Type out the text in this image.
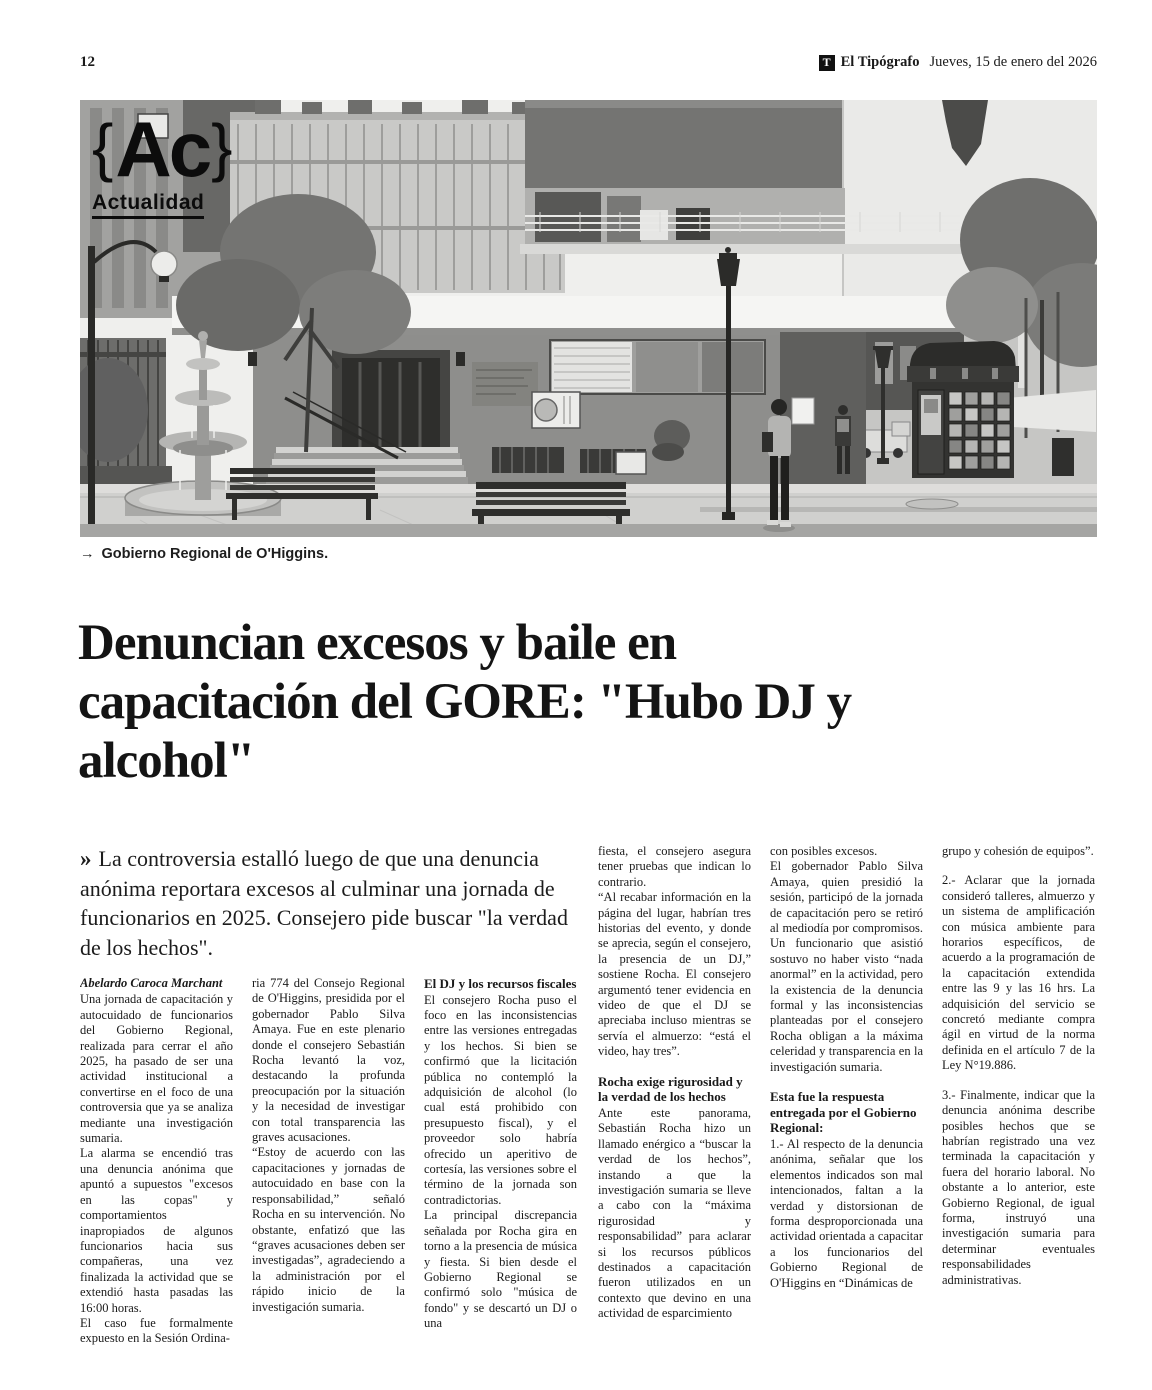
12	T El Tipógrafo Jueves, 15 de enero del 2026
{ Ac }
Actualidad
→ Gobierno Regional de O'Higgins.
Denuncian excesos y baile en
capacitación del GORE: "Hubo DJ y
alcohol"
» La controversia estalló luego de que una denuncia anónima reportara excesos al culminar una jornada de funcionarios en 2025. Consejero pide buscar "la verdad de los hechos".
Abelardo Caroca Marchant
Una jornada de capacitación y autocuidado de funcionarios del Gobierno Regional, realizada para cerrar el año 2025, ha pasado de ser una actividad institucional a convertirse en el foco de una controversia que ya se analiza mediante una investigación sumaria.
La alarma se encendió tras una denuncia anónima que apuntó a supuestos "excesos en las copas" y comportamientos inapropiados de algunos funcionarios hacia sus compañeras, una vez finalizada la actividad que se extendió hasta pasadas las 16:00 horas.
El caso fue formalmente expuesto en la Sesión Ordina-
ria 774 del Consejo Regional de O'Higgins, presidida por el gobernador Pablo Silva Amaya. Fue en este plenario donde el consejero Sebastián Rocha levantó la voz, destacando la profunda preocupación por la situación y la necesidad de investigar con total transparencia las graves acusaciones.
“Estoy de acuerdo con las capacitaciones y jornadas de autocuidado en base con la responsabilidad,” señaló Rocha en su intervención. No obstante, enfatizó que las “graves acusaciones deben ser investigadas”, agradeciendo a la administración por el rápido inicio de la investigación sumaria.
El DJ y los recursos fiscales
El consejero Rocha puso el foco en las inconsistencias entre las versiones entregadas y los hechos. Si bien se confirmó que la licitación pública no contempló la adquisición de alcohol (lo cual está prohibido con presupuesto fiscal), y el proveedor solo habría ofrecido un aperitivo de cortesía, las versiones sobre el término de la jornada son contradictorias.
La principal discrepancia señalada por Rocha gira en torno a la presencia de música y fiesta. Si bien desde el Gobierno Regional se confirmó solo "música de fondo" y se descartó un DJ o una
fiesta, el consejero asegura tener pruebas que indican lo contrario.
“Al recabar información en la página del lugar, habrían tres historias del evento, y donde se aprecia, según el consejero, la presencia de un DJ,” sostiene Rocha. El consejero argumentó tener evidencia en video de que el DJ se apreciaba incluso mientras se servía el almuerzo: “está el video, hay tres”.
Rocha exige rigurosidad y la verdad de los hechos
Ante este panorama, Sebastián Rocha hizo un llamado enérgico a “buscar la verdad de los hechos”, instando a que la investigación sumaria se lleve a cabo con la “máxima rigurosidad y responsabilidad” para aclarar si los recursos públicos destinados a capacitación fueron utilizados en un contexto que devino en una actividad de esparcimiento
con posibles excesos.
El gobernador Pablo Silva Amaya, quien presidió la sesión, participó de la jornada de capacitación pero se retiró al mediodía por compromisos. Un funcionario que asistió sostuvo no haber visto “nada anormal” en la actividad, pero la existencia de la denuncia formal y las inconsistencias planteadas por el consejero Rocha obligan a la máxima celeridad y transparencia en la investigación sumaria.
Esta fue la respuesta entregada por el Gobierno Regional:
1.- Al respecto de la denuncia anónima, señalar que los elementos indicados son mal intencionados, faltan a la verdad y distorsionan de forma desproporcionada una actividad orientada a capacitar a los funcionarios del Gobierno Regional de O'Higgins en “Dinámicas de
grupo y cohesión de equipos”.
2.- Aclarar que la jornada consideró talleres, almuerzo y un sistema de amplificación con música ambiente para horarios específicos, de acuerdo a la programación de la capacitación extendida entre las 9 y las 16 hrs. La adquisición del servicio se concretó mediante compra ágil en virtud de la norma definida en el artículo 7 de la Ley N°19.886.
3.- Finalmente, indicar que la denuncia anónima describe posibles hechos que se habrían registrado una vez terminada la capacitación y fuera del horario laboral. No obstante a lo anterior, este Gobierno Regional, de igual forma, instruyó una investigación sumaria para determinar eventuales responsabilidades administrativas.
